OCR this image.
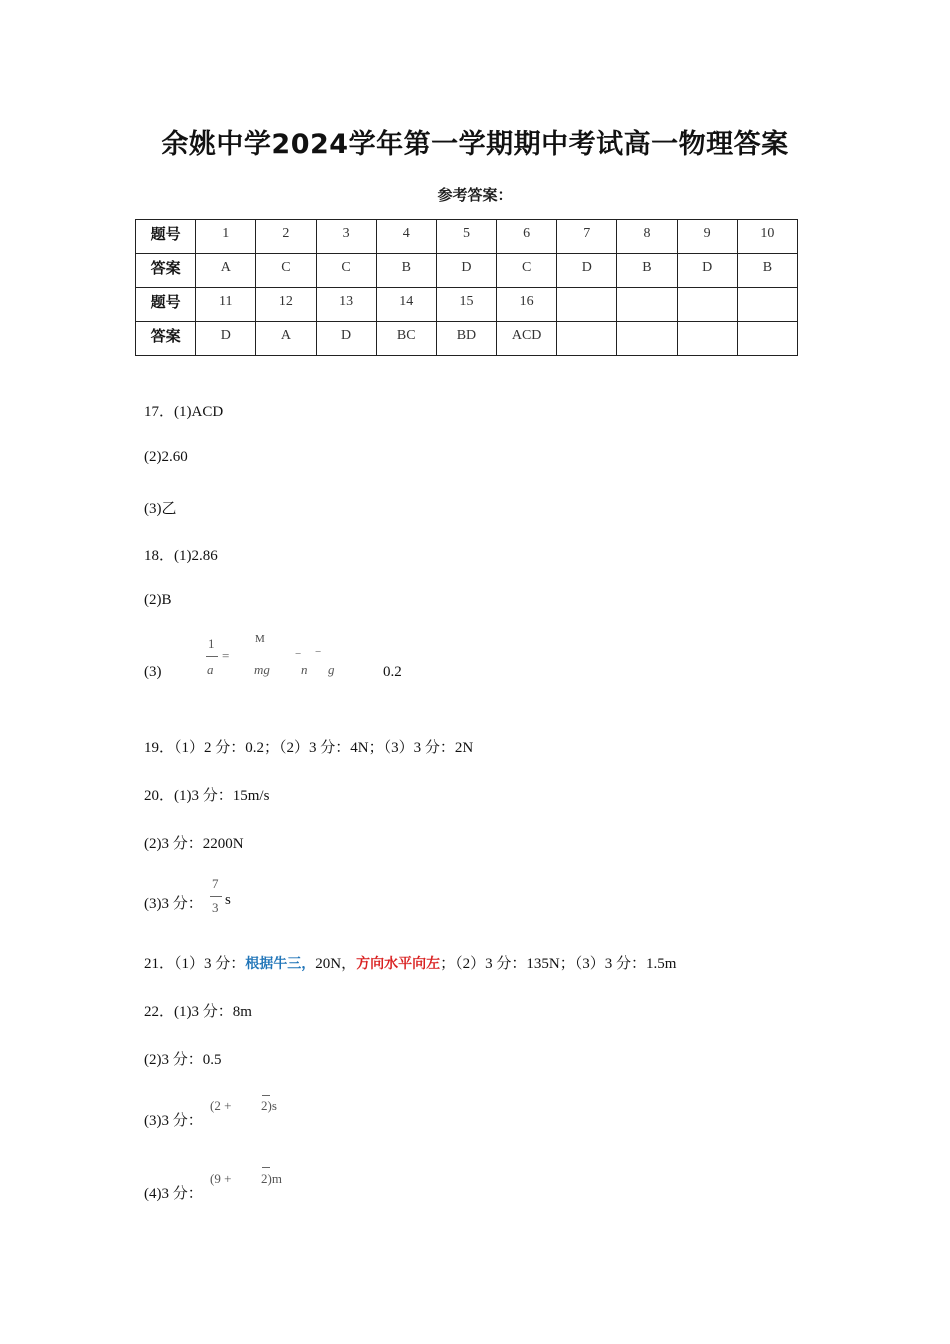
余姚中学2024学年第一学期期中考试高一物理答案
参考答案：
题号	1	2	3	4	5	6	7	8	9	10
答案	A	C	C	B	D	C	D	B	D	B
题号	11	12	13	14	15	16				
答案	D	A	D	BC	BD	ACD				
17．(1)ACD
(2)2.60
(3)乙
18．(1)2.86
(2)B
(3)
1
a
=
M
mg
−
n
−
g	0.2
19．（1）2 分：0.2；（2）3 分：4N；（3）3 分：2N
20．(1)3 分：15m/s
(2)3 分：2200N
(3)3 分：
7
3 s
21．（1）3 分：根据牛三，20N，方向水平向左；（2）3 分：135N；（3）3 分：1.5m
22．(1)3 分：8m
(2)3 分：0.5
(3)3 分：
(2 + 2)s
(4)3 分：
(9 + 2)m
